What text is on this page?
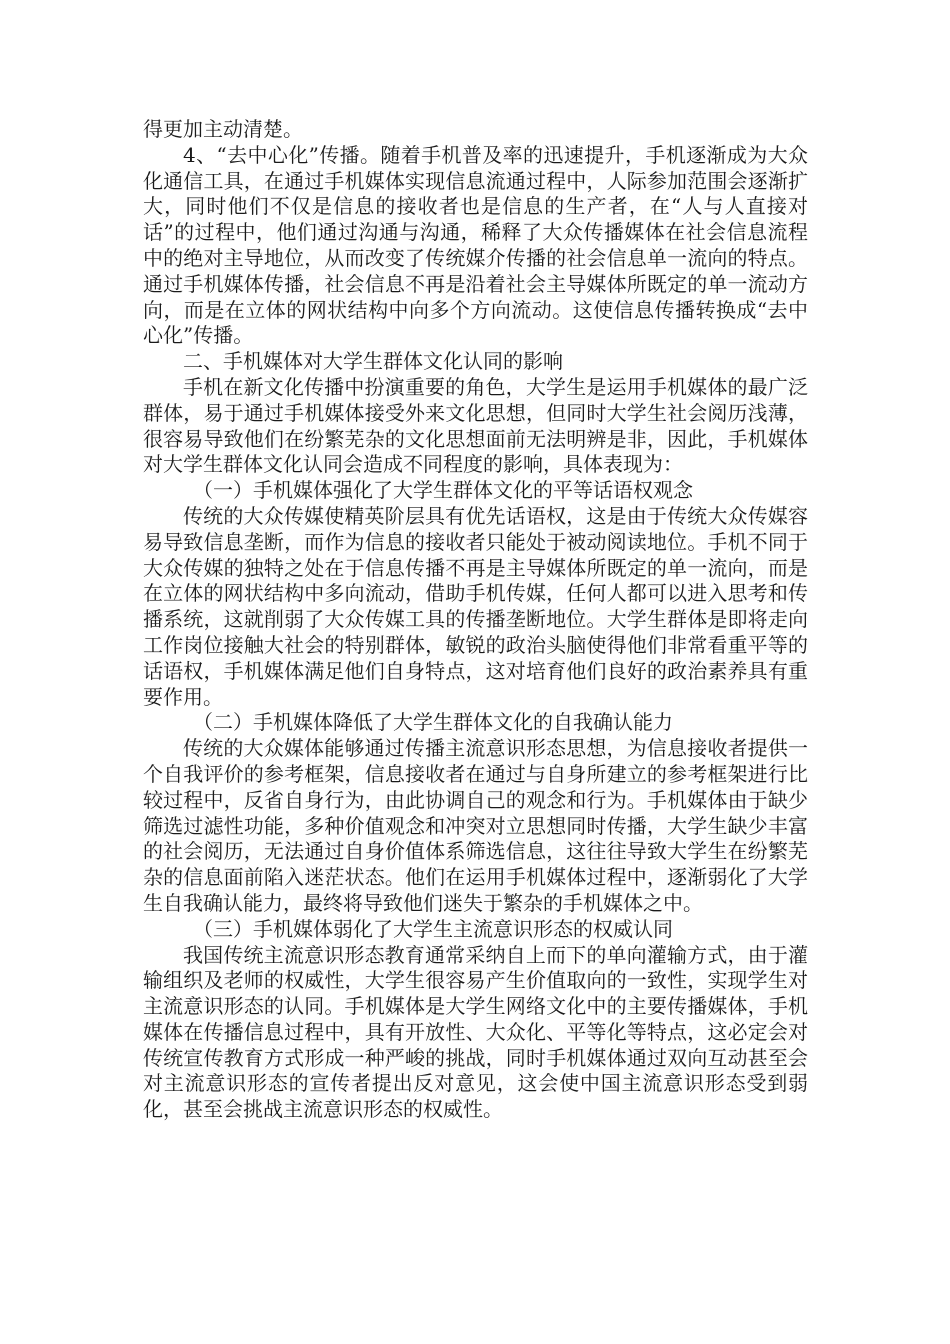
得更加主动清楚。

4、“去中心化”传播。随着手机普及率的迅速提升，手机逐渐成为大众化通信工具，在通过手机媒体实现信息流通过程中，人际参加范围会逐渐扩大，同时他们不仅是信息的接收者也是信息的生产者，在“人与人直接对话”的过程中，他们通过沟通与沟通，稀释了大众传播媒体在社会信息流程中的绝对主导地位，从而改变了传统媒介传播的社会信息单一流向的特点。通过手机媒体传播，社会信息不再是沿着社会主导媒体所既定的单一流动方向，而是在立体的网状结构中向多个方向流动。这使信息传播转换成“去中心化”传播。

二、手机媒体对大学生群体文化认同的影响

手机在新文化传播中扮演重要的角色，大学生是运用手机媒体的最广泛群体，易于通过手机媒体接受外来文化思想，但同时大学生社会阅历浅薄，很容易导致他们在纷繁芜杂的文化思想面前无法明辨是非，因此，手机媒体对大学生群体文化认同会造成不同程度的影响，具体表现为：

（一）手机媒体强化了大学生群体文化的平等话语权观念

传统的大众传媒使精英阶层具有优先话语权，这是由于传统大众传媒容易导致信息垄断，而作为信息的接收者只能处于被动阅读地位。手机不同于大众传媒的独特之处在于信息传播不再是主导媒体所既定的单一流向，而是在立体的网状结构中多向流动，借助手机传媒，任何人都可以进入思考和传播系统，这就削弱了大众传媒工具的传播垄断地位。大学生群体是即将走向工作岗位接触大社会的特别群体，敏锐的政治头脑使得他们非常看重平等的话语权，手机媒体满足他们自身特点，这对培育他们良好的政治素养具有重要作用。

（二）手机媒体降低了大学生群体文化的自我确认能力

传统的大众媒体能够通过传播主流意识形态思想，为信息接收者提供一个自我评价的参考框架，信息接收者在通过与自身所建立的参考框架进行比较过程中，反省自身行为，由此协调自己的观念和行为。手机媒体由于缺少筛选过滤性功能，多种价值观念和冲突对立思想同时传播，大学生缺少丰富的社会阅历，无法通过自身价值体系筛选信息，这往往导致大学生在纷繁芜杂的信息面前陷入迷茫状态。他们在运用手机媒体过程中，逐渐弱化了大学生自我确认能力，最终将导致他们迷失于繁杂的手机媒体之中。

（三）手机媒体弱化了大学生主流意识形态的权威认同

我国传统主流意识形态教育通常采纳自上而下的单向灌输方式，由于灌输组织及老师的权威性，大学生很容易产生价值取向的一致性，实现学生对主流意识形态的认同。手机媒体是大学生网络文化中的主要传播媒体，手机媒体在传播信息过程中，具有开放性、大众化、平等化等特点，这必定会对传统宣传教育方式形成一种严峻的挑战，同时手机媒体通过双向互动甚至会对主流意识形态的宣传者提出反对意见，这会使中国主流意识形态受到弱化，甚至会挑战主流意识形态的权威性。
